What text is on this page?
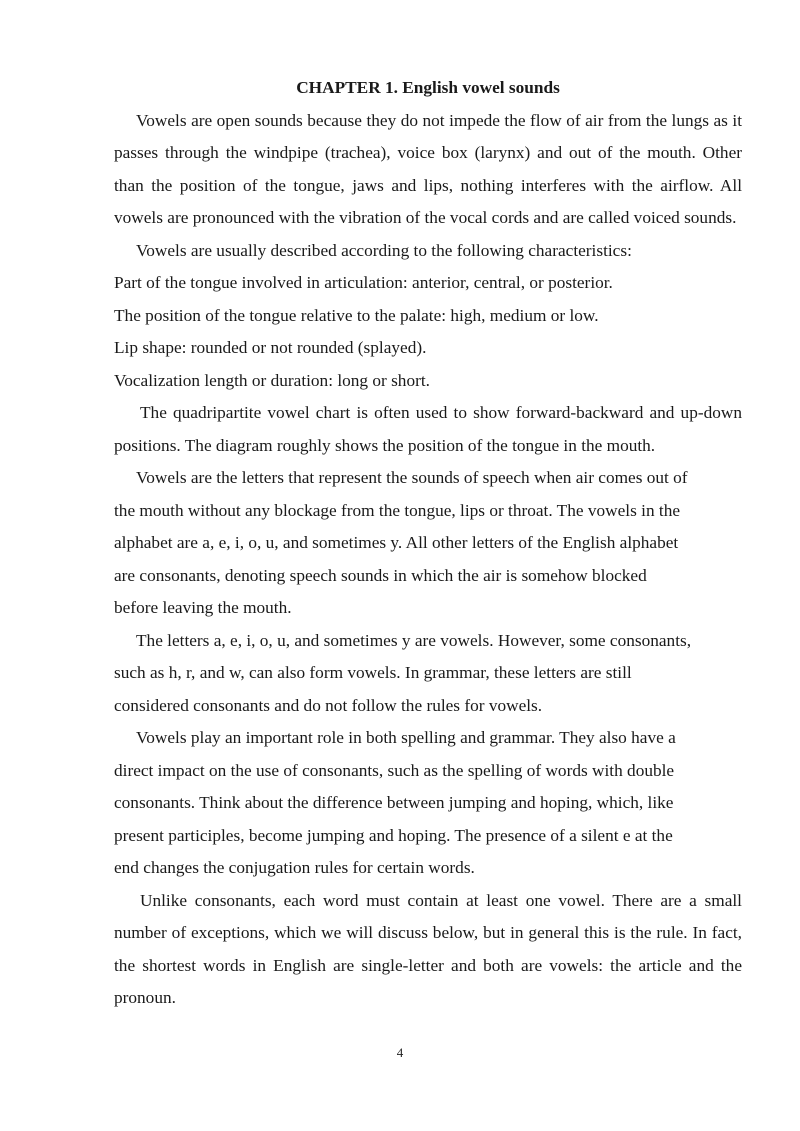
CHAPTER 1. English vowel sounds

Vowels are open sounds because they do not impede the flow of air from the lungs as it passes through the windpipe (trachea), voice box (larynx) and out of the mouth. Other than the position of the tongue, jaws and lips, nothing interferes with the airflow. All vowels are pronounced with the vibration of the vocal cords and are called voiced sounds.

Vowels are usually described according to the following characteristics:

Part of the tongue involved in articulation: anterior, central, or posterior.

The position of the tongue relative to the palate: high, medium or low.

Lip shape: rounded or not rounded (splayed).

Vocalization length or duration: long or short.

The quadripartite vowel chart is often used to show forward-backward and up-down positions. The diagram roughly shows the position of the tongue in the mouth.

Vowels are the letters that represent the sounds of speech when air comes out of
the mouth without any blockage from the tongue, lips or throat. The vowels in the
alphabet are a, e, i, o, u, and sometimes y. All other letters of the English alphabet
are consonants, denoting speech sounds in which the air is somehow blocked
before leaving the mouth.

The letters a, e, i, o, u, and sometimes y are vowels. However, some consonants,
such as h, r, and w, can also form vowels. In grammar, these letters are still
considered consonants and do not follow the rules for vowels.

Vowels play an important role in both spelling and grammar. They also have a
direct impact on the use of consonants, such as the spelling of words with double
consonants. Think about the difference between jumping and hoping, which, like
present participles, become jumping and hoping. The presence of a silent e at the
end changes the conjugation rules for certain words.

Unlike consonants, each word must contain at least one vowel. There are a small number of exceptions, which we will discuss below, but in general this is the rule. In fact, the shortest words in English are single-letter and both are vowels: the article and the pronoun.

4
